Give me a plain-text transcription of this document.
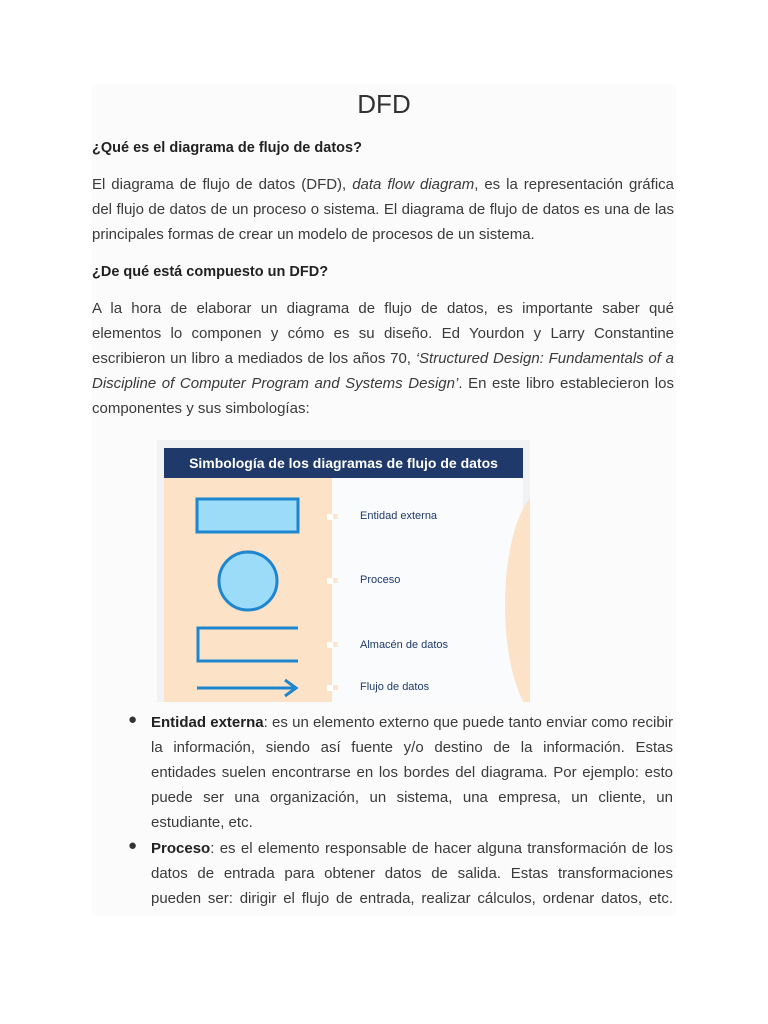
DFD
¿Qué es el diagrama de flujo de datos?
El diagrama de flujo de datos (DFD), data flow diagram, es la representación gráfica del flujo de datos de un proceso o sistema. El diagrama de flujo de datos es una de las principales formas de crear un modelo de procesos de un sistema.
¿De qué está compuesto un DFD?
A la hora de elaborar un diagrama de flujo de datos, es importante saber qué elementos lo componen y cómo es su diseño. Ed Yourdon y Larry Constantine escribieron un libro a mediados de los años 70, ‘Structured Design: Fundamentals of a Discipline of Computer Program and Systems Design’. En este libro establecieron los componentes y sus simbologías:
Simbología de los diagramas de flujo de datos
Entidad externa
Proceso
Almacén de datos
Flujo de datos
● Entidad externa: es un elemento externo que puede tanto enviar como recibir la información, siendo así fuente y/o destino de la información. Estas entidades suelen encontrarse en los bordes del diagrama. Por ejemplo: esto puede ser una organización, un sistema, una empresa, un cliente, un estudiante, etc.
● Proceso: es el elemento responsable de hacer alguna transformación de los datos de entrada para obtener datos de salida. Estas transformaciones pueden ser: dirigir el flujo de entrada, realizar cálculos, ordenar datos, etc.
